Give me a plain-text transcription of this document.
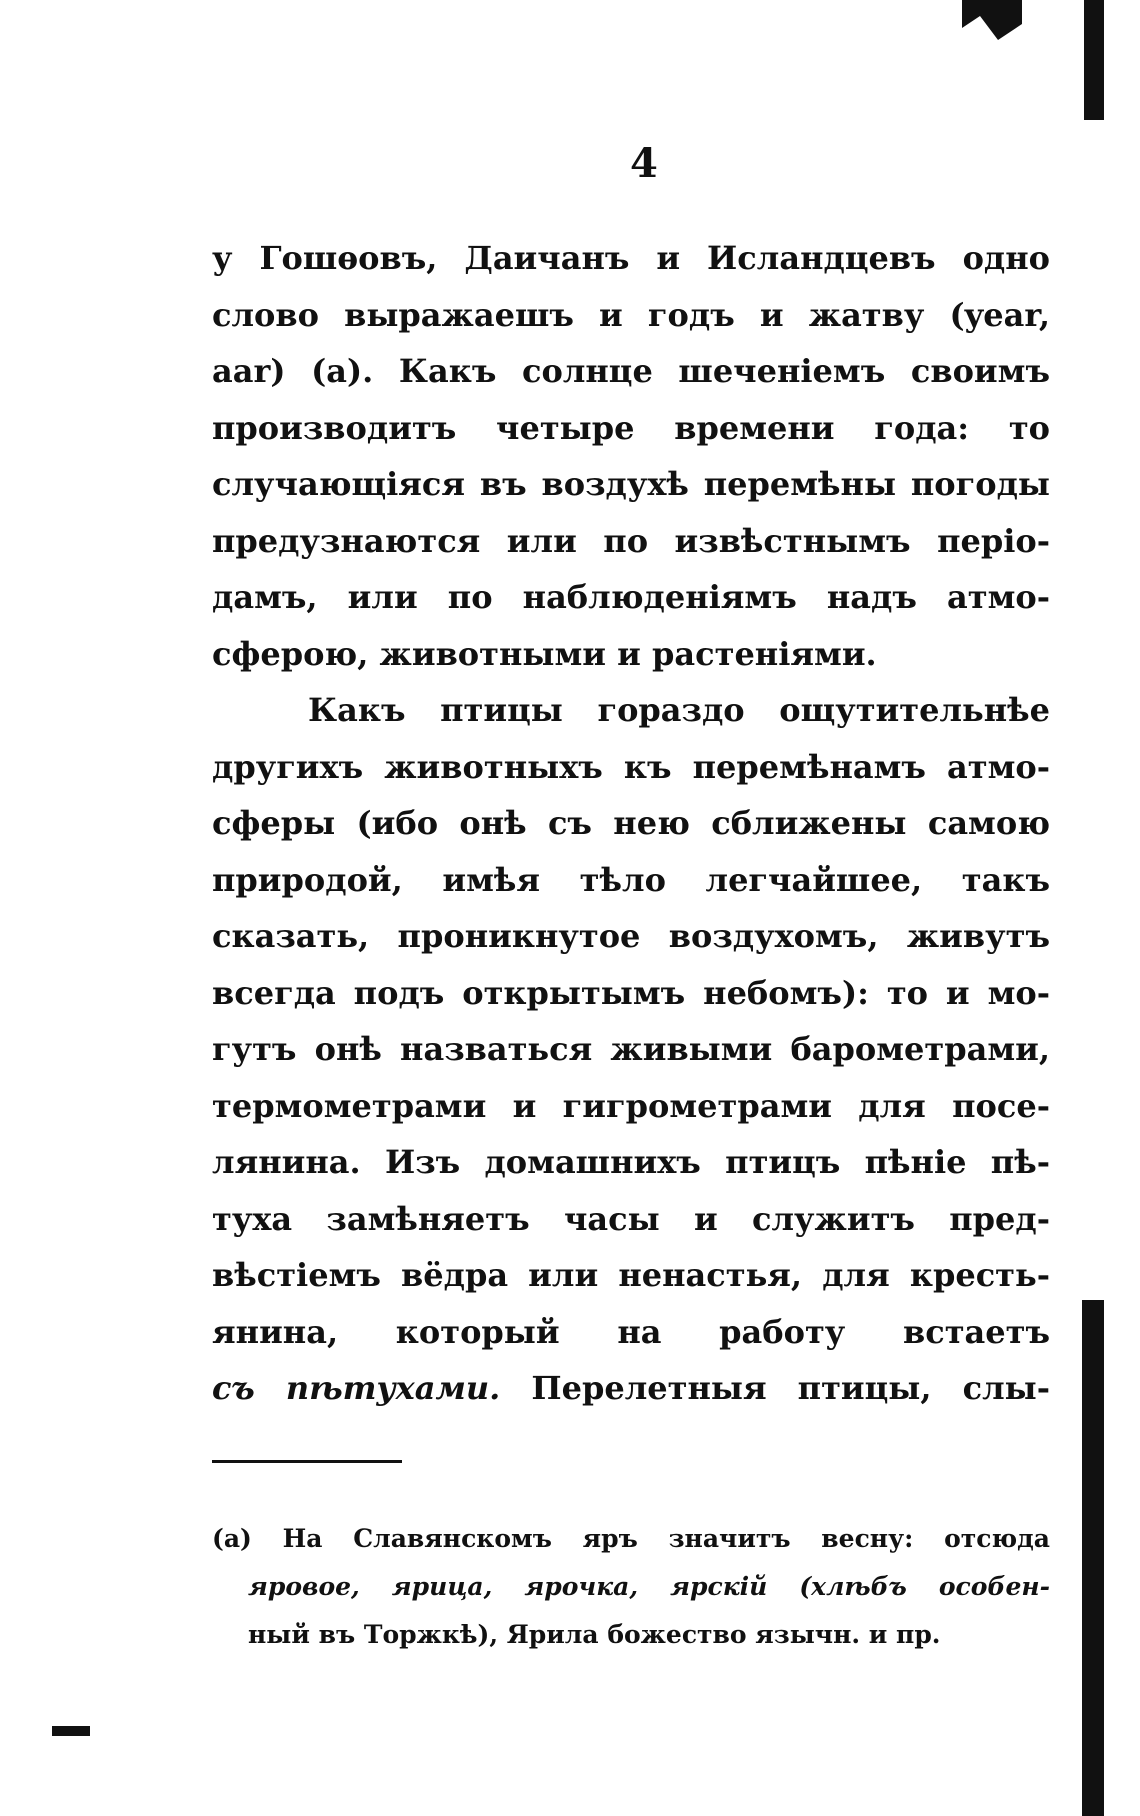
4
у Гошѳовъ, Даичанъ и Исландцевъ одно
слово выражаешъ и годъ и жатву (year,
aar) (а). Какъ солнце шеченіемъ своимъ
производитъ четыре времени года: то
случающіяся въ воздухѣ перемѣны погоды
предузнаются или по извѣстнымъ періо-
дамъ, или по наблюденіямъ надъ атмо-
сферою, животными и растеніями.
Какъ птицы гораздо ощутительнѣе
другихъ животныхъ къ перемѣнамъ атмо-
сферы (ибо онѣ съ нею сближены самою
природой, имѣя тѣло легчайшее, такъ
сказать, проникнутое воздухомъ, живутъ
всегда подъ открытымъ небомъ): то и мо-
гутъ онѣ назваться живыми барометрами,
термометрами и гигрометрами для посе-
лянина. Изъ домашнихъ птицъ пѣніе пѣ-
туха замѣняетъ часы и служитъ пред-
вѣстіемъ вёдра или ненастья, для кресть-
янина, который на работу встаетъ
съ пѣтухами. Перелетныя птицы, слы-
(а) На Славянскомъ яръ значитъ весну: отсюда
яровое, ярица, ярочка, ярскій (хлѣбъ особен-
ный въ Торжкѣ), Ярила божество язычн. и пр.
